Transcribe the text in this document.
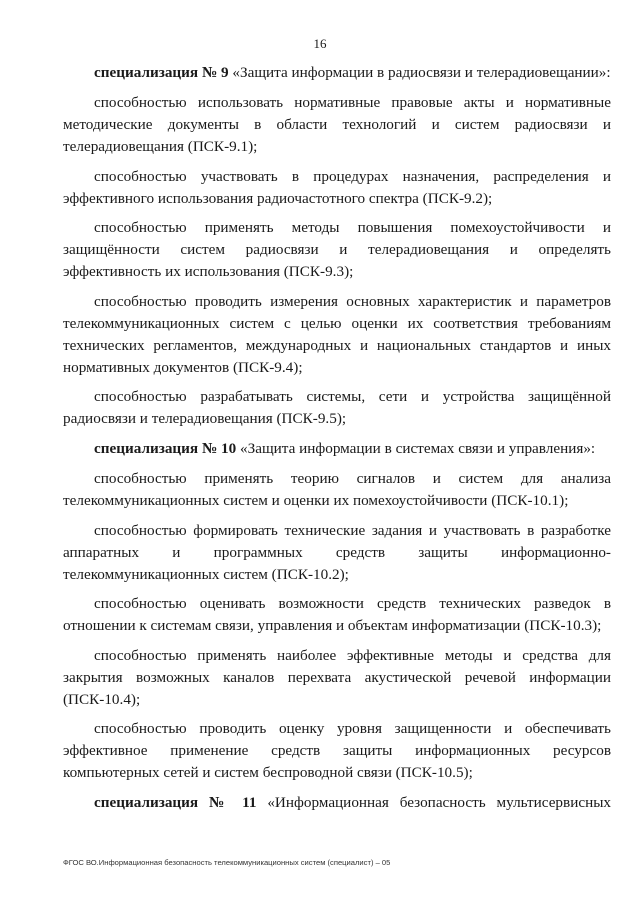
16

специализация № 9 «Защита информации в радиосвязи и телерадиовещании»:

способностью использовать нормативные правовые акты и нормативные методические документы в области технологий и систем радиосвязи и телерадиовещания (ПСК-9.1);

способностью участвовать в процедурах назначения, распределения и эффективного использования радиочастотного спектра (ПСК-9.2);

способностью применять методы повышения помехоустойчивости и защищённости систем радиосвязи и телерадиовещания и определять эффективность их использования (ПСК-9.3);

способностью проводить измерения основных характеристик и параметров телекоммуникационных систем с целью оценки их соответствия требованиям технических регламентов, международных и национальных стандартов и иных нормативных документов (ПСК-9.4);

способностью разрабатывать системы, сети и устройства защищённой радиосвязи и телерадиовещания (ПСК-9.5);

специализация № 10 «Защита информации в системах связи и управления»:

способностью применять теорию сигналов и систем для анализа телекоммуникационных систем и оценки их помехоустойчивости (ПСК-10.1);

способностью формировать технические задания и участвовать в разработке аппаратных и программных средств защиты информационно-телекоммуникационных систем (ПСК-10.2);

способностью оценивать возможности средств технических разведок в отношении к системам связи, управления и объектам информатизации (ПСК-10.3);

способностью применять наиболее эффективные методы и средства для закрытия возможных каналов перехвата акустической речевой информации (ПСК-10.4);

способностью проводить оценку уровня защищенности и обеспечивать эффективное применение средств защиты информационных ресурсов компьютерных сетей и систем беспроводной связи (ПСК-10.5);

специализация № 11 «Информационная безопасность мультисервисных

ФГОС ВО.Информационная безопасность телекоммуникационных систем (специалист) – 05
